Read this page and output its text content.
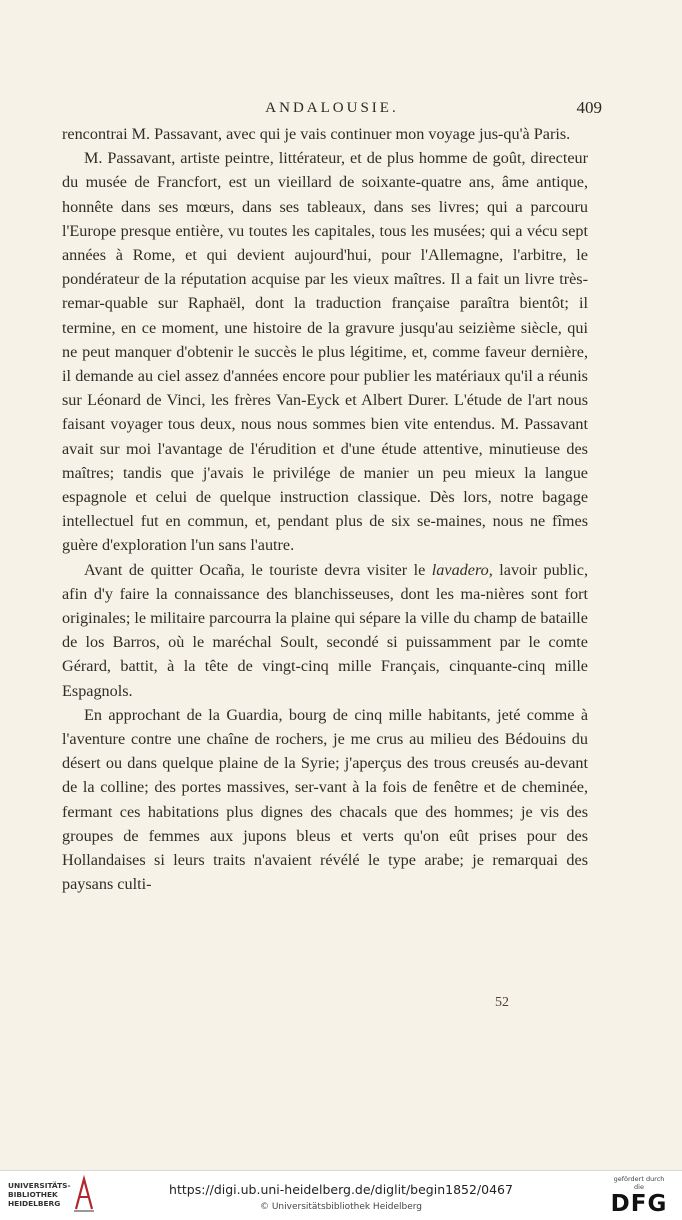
ANDALOUSIE.	409

rencontrai M. Passavant, avec qui je vais continuer mon voyage jus-qu'à Paris.

M. Passavant, artiste peintre, littérateur, et de plus homme de goût, directeur du musée de Francfort, est un vieillard de soixante-quatre ans, âme antique, honnête dans ses mœurs, dans ses tableaux, dans ses livres; qui a parcouru l'Europe presque entière, vu toutes les capitales, tous les musées; qui a vécu sept années à Rome, et qui devient aujourd'hui, pour l'Allemagne, l'arbitre, le pondérateur de la réputation acquise par les vieux maîtres. Il a fait un livre très-remar-quable sur Raphaël, dont la traduction française paraîtra bientôt; il termine, en ce moment, une histoire de la gravure jusqu'au seizième siècle, qui ne peut manquer d'obtenir le succès le plus légitime, et, comme faveur dernière, il demande au ciel assez d'années encore pour publier les matériaux qu'il a réunis sur Léonard de Vinci, les frères Van-Eyck et Albert Durer. L'étude de l'art nous faisant voyager tous deux, nous nous sommes bien vite entendus. M. Passavant avait sur moi l'avantage de l'érudition et d'une étude attentive, minutieuse des maîtres; tandis que j'avais le privilége de manier un peu mieux la langue espagnole et celui de quelque instruction classique. Dès lors, notre bagage intellectuel fut en commun, et, pendant plus de six se-maines, nous ne fîmes guère d'exploration l'un sans l'autre.

Avant de quitter Ocaña, le touriste devra visiter le lavadero, lavoir public, afin d'y faire la connaissance des blanchisseuses, dont les ma-nières sont fort originales; le militaire parcourra la plaine qui sépare la ville du champ de bataille de los Barros, où le maréchal Soult, secondé si puissamment par le comte Gérard, battit, à la tête de vingt-cinq mille Français, cinquante-cinq mille Espagnols.

En approchant de la Guardia, bourg de cinq mille habitants, jeté comme à l'aventure contre une chaîne de rochers, je me crus au milieu des Bédouins du désert ou dans quelque plaine de la Syrie; j'aperçus des trous creusés au-devant de la colline; des portes massives, ser-vant à la fois de fenêtre et de cheminée, fermant ces habitations plus dignes des chacals que des hommes; je vis des groupes de femmes aux jupons bleus et verts qu'on eût prises pour des Hollandaises si leurs traits n'avaient révélé le type arabe; je remarquai des paysans culti-

52
UNIVERSITÄTS-
BIBLIOTHEK
HEIDELBERG
https://digi.ub.uni-heidelberg.de/diglit/begin1852/0467
© Universitätsbibliothek Heidelberg
gefördert durch die
DFG
